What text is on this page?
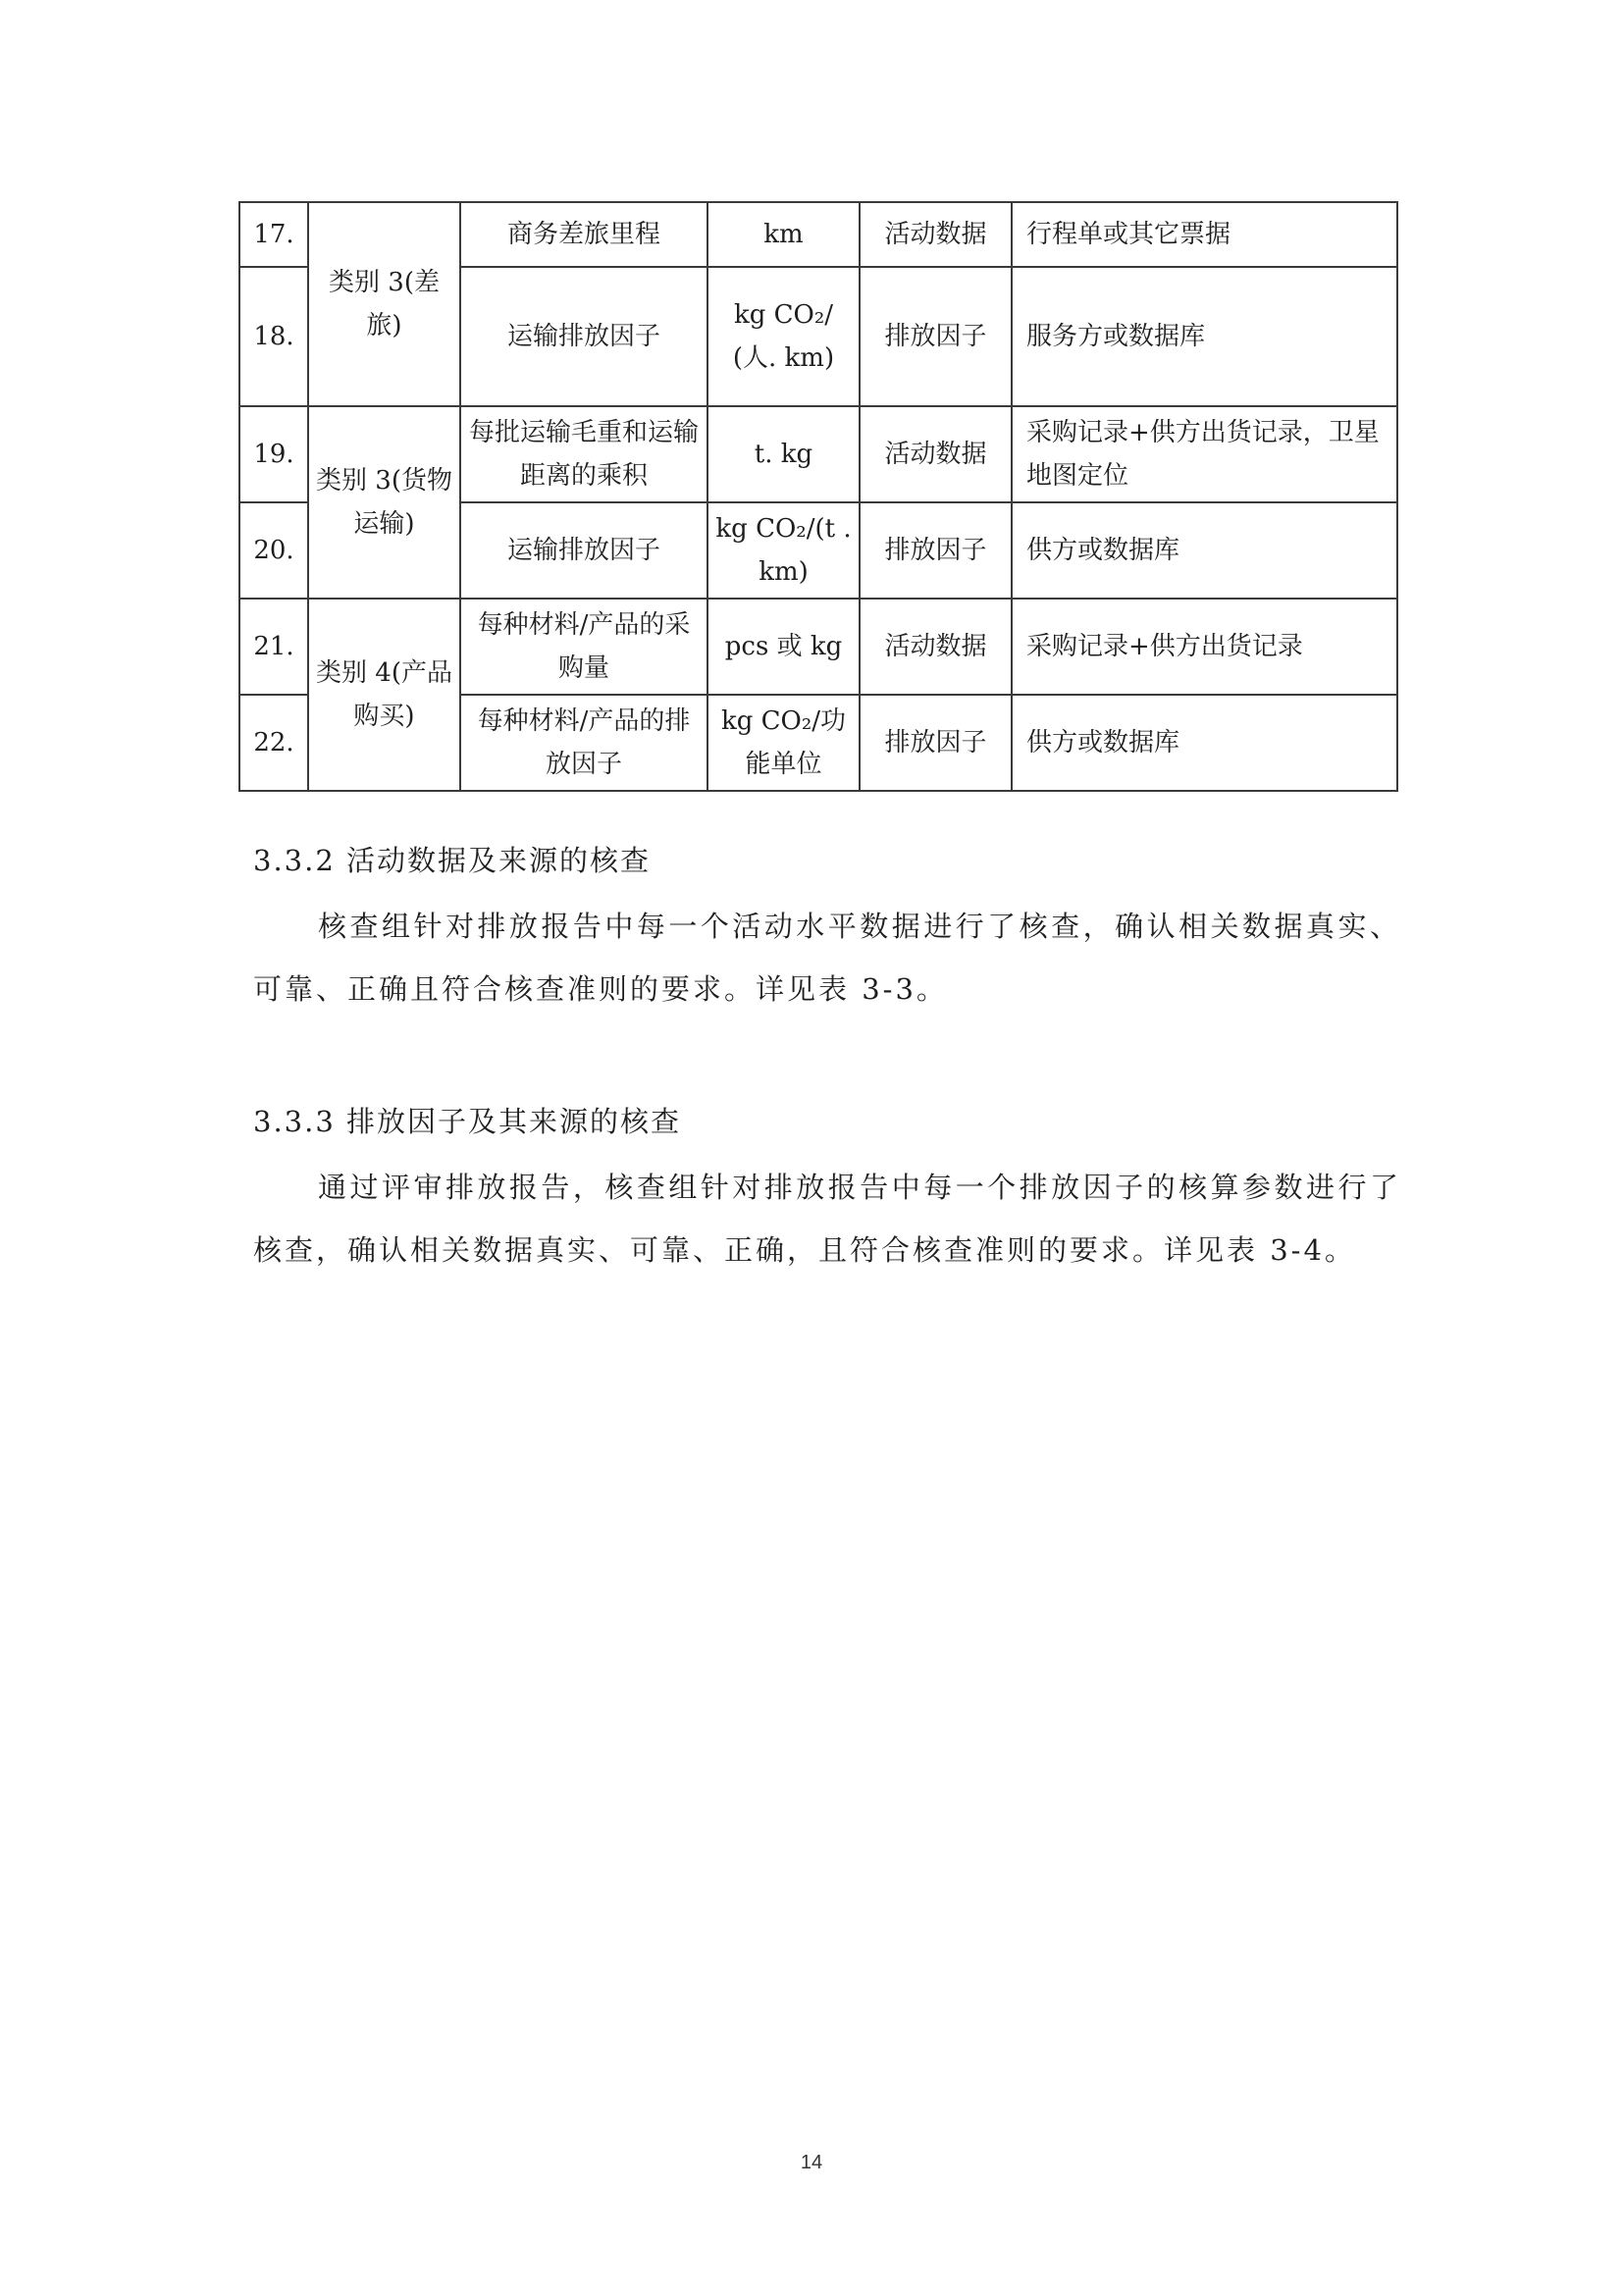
17.	类别 3(差旅)	商务差旅里程	km	活动数据	行程单或其它票据
18.		运输排放因子	kg CO₂/(人. km)	排放因子	服务方或数据库
19.	类别 3(货物运输)	每批运输毛重和运输距离的乘积	t. kg	活动数据	采购记录+供方出货记录，卫星地图定位
20.		运输排放因子	kg CO₂/(t . km)	排放因子	供方或数据库
21.	类别 4(产品购买)	每种材料/产品的采购量	pcs 或 kg	活动数据	采购记录+供方出货记录
22.		每种材料/产品的排放因子	kg CO₂/功能单位	排放因子	供方或数据库
3.3.2 活动数据及来源的核查

核查组针对排放报告中每一个活动水平数据进行了核查，确认相关数据真实、可靠、正确且符合核查准则的要求。详见表 3-3。

3.3.3 排放因子及其来源的核查

通过评审排放报告，核查组针对排放报告中每一个排放因子的核算参数进行了核查，确认相关数据真实、可靠、正确，且符合核查准则的要求。详见表 3-4。

14
